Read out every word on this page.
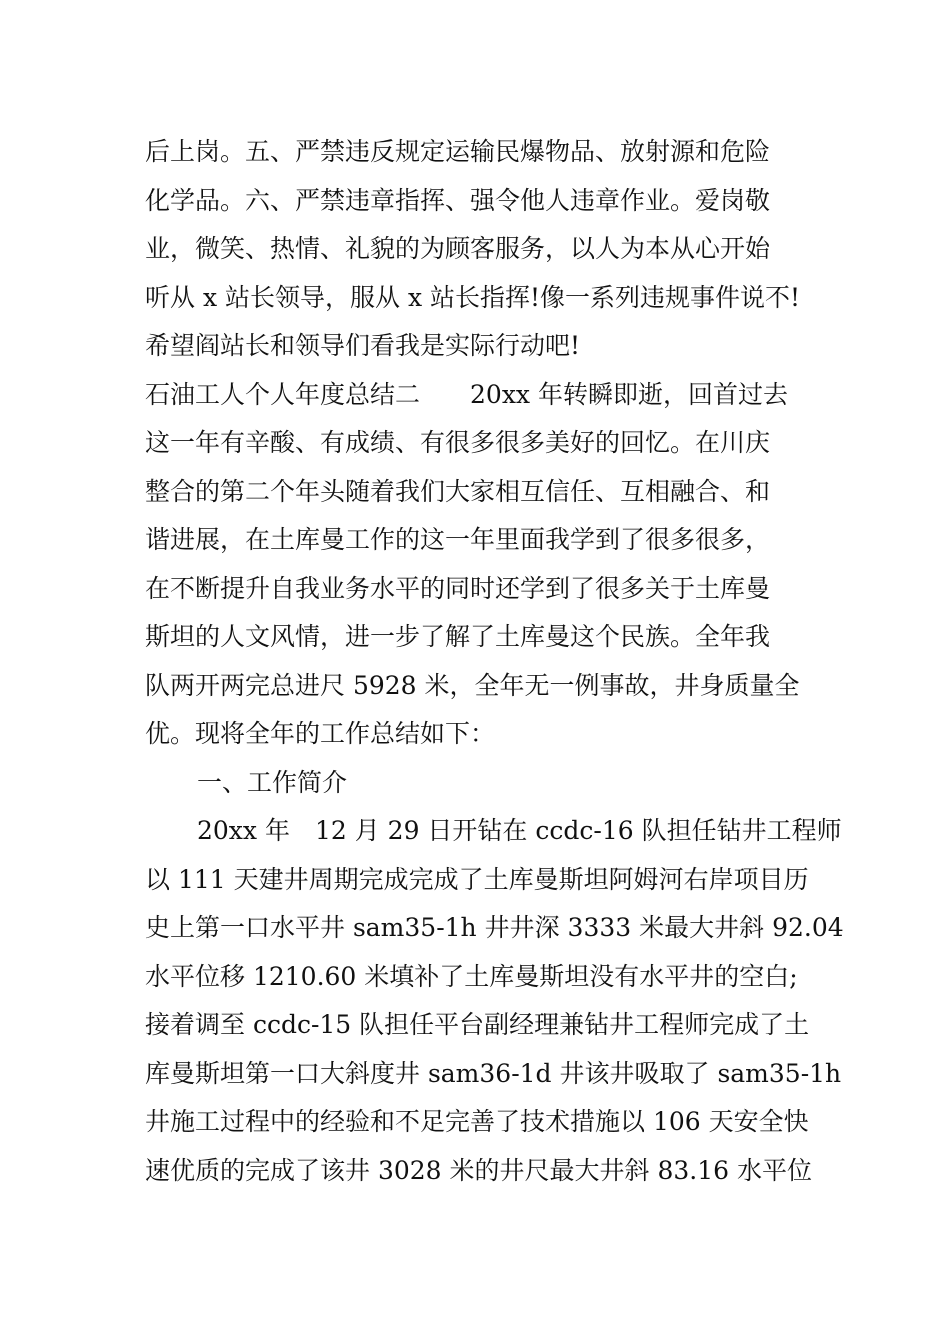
后上岗。五、严禁违反规定运输民爆物品、放射源和危险
化学品。六、严禁违章指挥、强令他人违章作业。爱岗敬
业，微笑、热情、礼貌的为顾客服务，以人为本从心开始
听从 x 站长领导，服从 x 站长指挥!像一系列违规事件说不!
希望阎站长和领导们看我是实际行动吧!
石油工人个人年度总结二　　20xx 年转瞬即逝，回首过去
这一年有辛酸、有成绩、有很多很多美好的回忆。在川庆
整合的第二个年头随着我们大家相互信任、互相融合、和
谐进展，在土库曼工作的这一年里面我学到了很多很多，
在不断提升自我业务水平的同时还学到了很多关于土库曼
斯坦的人文风情，进一步了解了土库曼这个民族。全年我
队两开两完总进尺 5928 米，全年无一例事故，井身质量全
优。现将全年的工作总结如下：
一、工作简介
20xx 年　12 月 29 日开钻在 ccdc-16 队担任钻井工程师
以 111 天建井周期完成完成了土库曼斯坦阿姆河右岸项目历
史上第一口水平井 sam35-1h 井井深 3333 米最大井斜 92.04
水平位移 1210.60 米填补了土库曼斯坦没有水平井的空白;
接着调至 ccdc-15 队担任平台副经理兼钻井工程师完成了土
库曼斯坦第一口大斜度井 sam36-1d 井该井吸取了 sam35-1h
井施工过程中的经验和不足完善了技术措施以 106 天安全快
速优质的完成了该井 3028 米的井尺最大井斜 83.16 水平位
